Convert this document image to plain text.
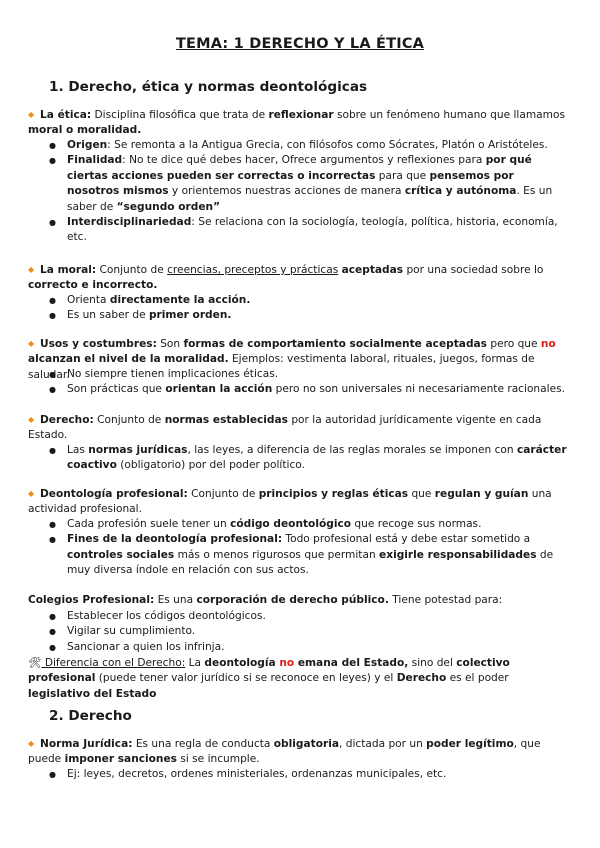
TEMA: 1 DERECHO Y LA ÉTICA
1. Derecho, ética y normas deontológicas
◆ La ética: Disciplina filosófica que trata de reflexionar sobre un fenómeno humano que llamamos moral o moralidad.
● Origen: Se remonta a la Antigua Grecia, con filósofos como Sócrates, Platón o Aristóteles.
● Finalidad: No te dice qué debes hacer, Ofrece argumentos y reflexiones para por qué ciertas acciones pueden ser correctas o incorrectas para que pensemos por nosotros mismos y orientemos nuestras acciones de manera crítica y autónoma. Es un saber de “segundo orden”
● Interdisciplinariedad: Se relaciona con la sociología, teología, política, historia, economía, etc.
◆ La moral: Conjunto de creencias, preceptos y prácticas aceptadas por una sociedad sobre lo correcto e incorrecto.
● Orienta directamente la acción.
● Es un saber de primer orden.
◆ Usos y costumbres: Son formas de comportamiento socialmente aceptadas pero que no alcanzan el nivel de la moralidad. Ejemplos: vestimenta laboral, rituales, juegos, formas de saludar.
● No siempre tienen implicaciones éticas.
● Son prácticas que orientan la acción pero no son universales ni necesariamente racionales.
◆ Derecho: Conjunto de normas establecidas por la autoridad jurídicamente vigente en cada Estado.
● Las normas jurídicas, las leyes, a diferencia de las reglas morales se imponen con carácter coactivo (obligatorio) por del poder político.
◆ Deontología profesional: Conjunto de principios y reglas éticas que regulan y guían una actividad profesional.
● Cada profesión suele tener un código deontológico que recoge sus normas.
● Fines de la deontología profesional: Todo profesional está y debe estar sometido a controles sociales más o menos rigurosos que permitan exigirle responsabilidades de muy diversa índole en relación con sus actos.
Colegios Profesional: Es una corporación de derecho público. Tiene potestad para:
● Establecer los códigos deontológicos.
● Vigilar su cumplimiento.
● Sancionar a quien los infrinja.
🛠 Diferencia con el Derecho: La deontología no emana del Estado, sino del colectivo profesional (puede tener valor jurídico si se reconoce en leyes) y el Derecho es el poder legislativo del Estado
2. Derecho
◆ Norma Jurídica: Es una regla de conducta obligatoria, dictada por un poder legítimo, que puede imponer sanciones si se incumple.
● Ej: leyes, decretos, ordenes ministeriales, ordenanzas municipales, etc.
